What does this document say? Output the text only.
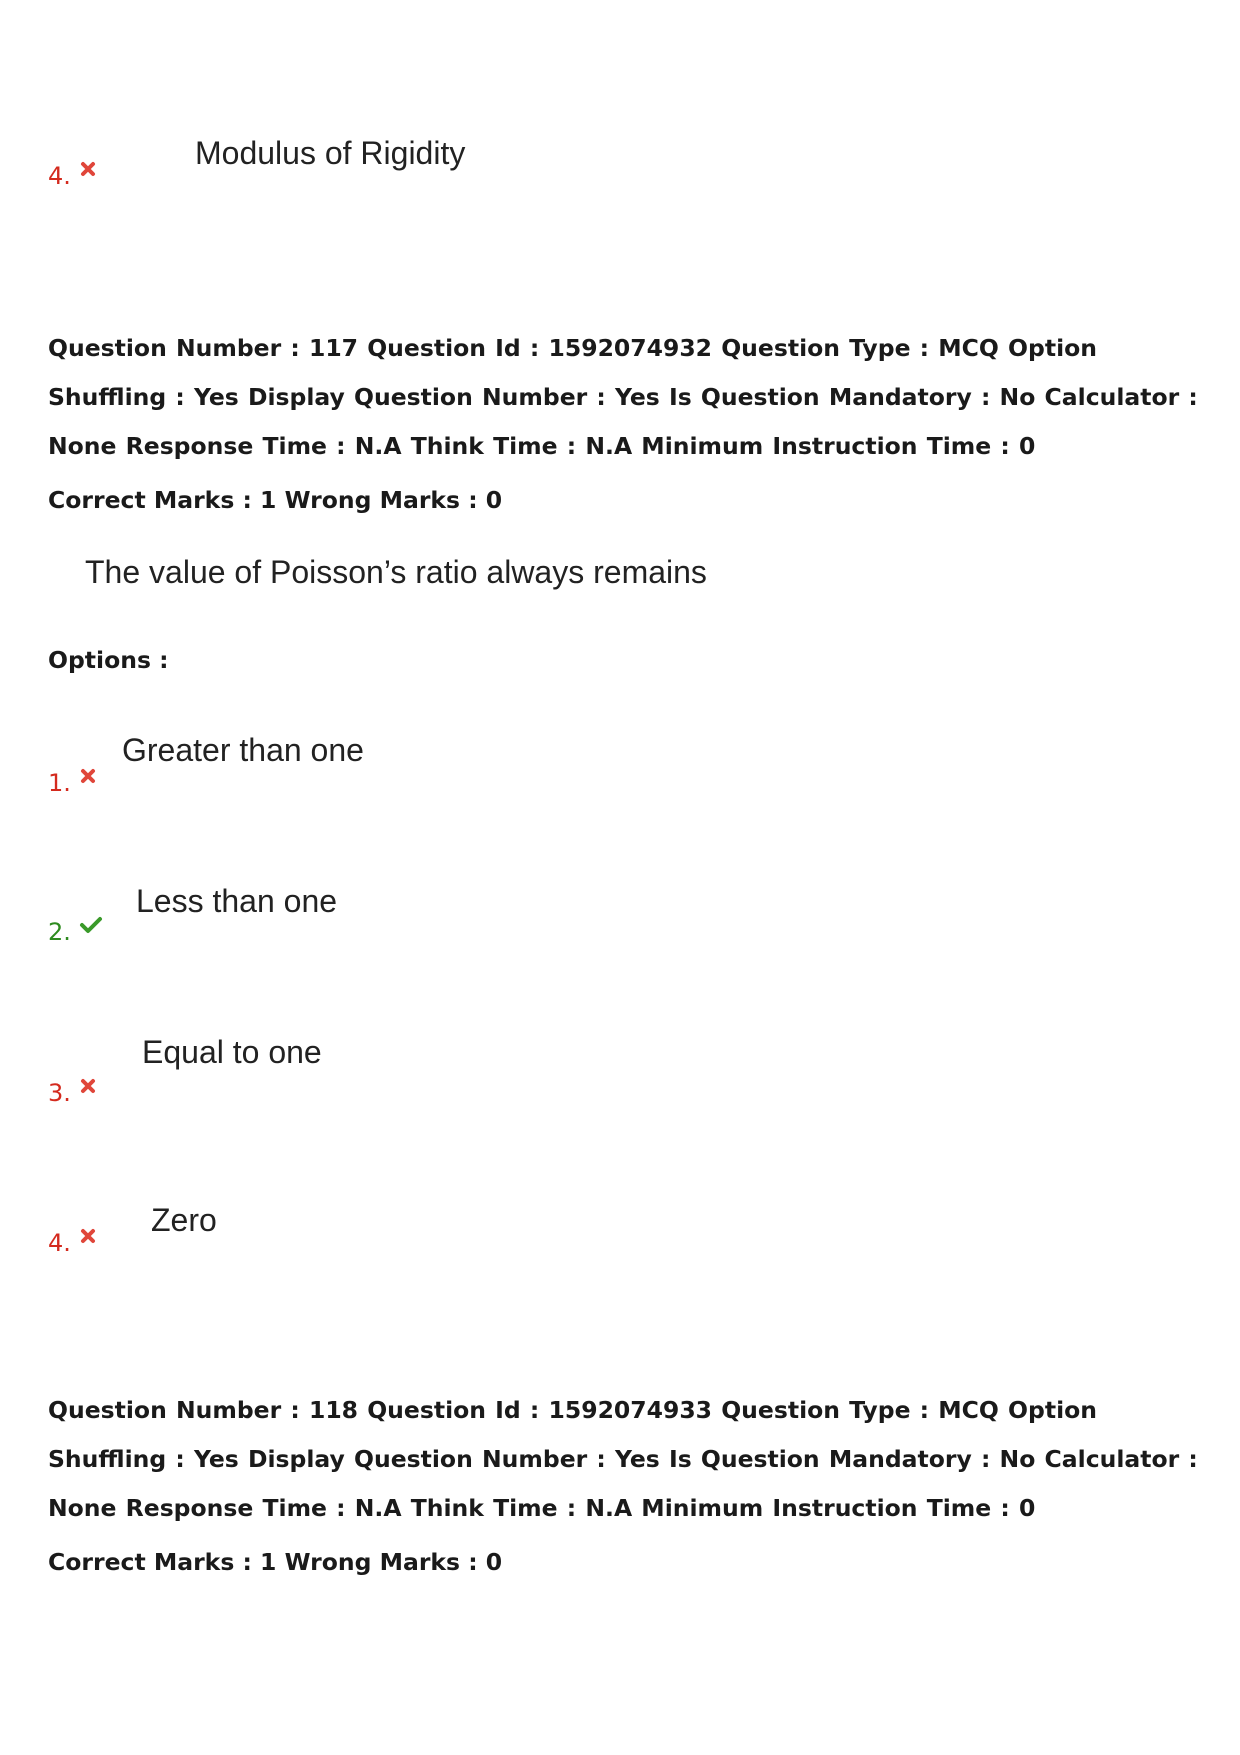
4.
Modulus of Rigidity

Question Number : 117 Question Id : 1592074932 Question Type : MCQ Option Shuffling : Yes Display Question Number : Yes Is Question Mandatory : No Calculator : None Response Time : N.A Think Time : N.A Minimum Instruction Time : 0

Correct Marks : 1 Wrong Marks : 0
The value of Poisson’s ratio always remains
Options :
1.
Greater than one
2.
Less than one
3.
Equal to one
4.
Zero

Question Number : 118 Question Id : 1592074933 Question Type : MCQ Option Shuffling : Yes Display Question Number : Yes Is Question Mandatory : No Calculator : None Response Time : N.A Think Time : N.A Minimum Instruction Time : 0

Correct Marks : 1 Wrong Marks : 0
